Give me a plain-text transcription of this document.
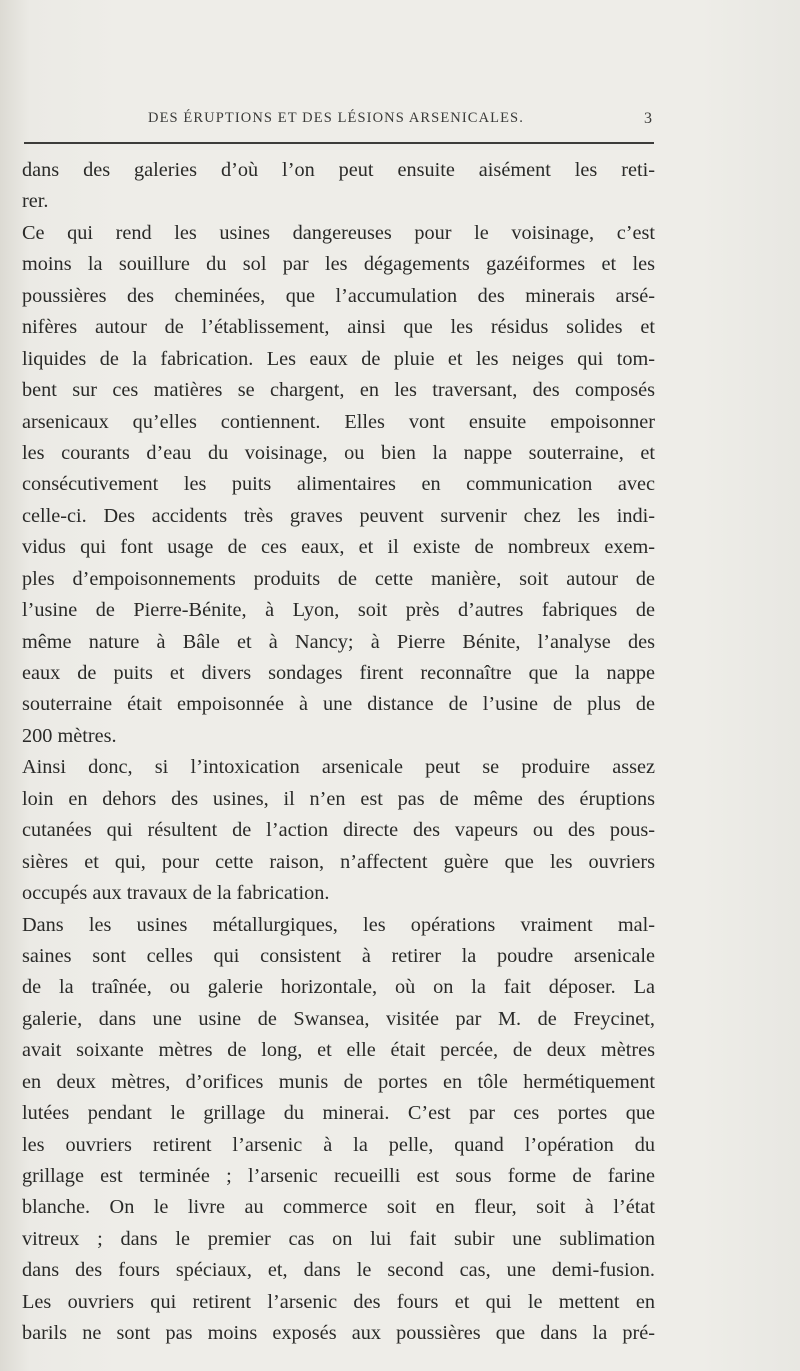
DES ÉRUPTIONS ET DES LÉSIONS ARSENICALES.	3
dans des galeries d’où l’on peut ensuite aisément les reti-
rer.
Ce qui rend les usines dangereuses pour le voisinage, c’est
moins la souillure du sol par les dégagements gazéiformes et les
poussières des cheminées, que l’accumulation des minerais arsé-
nifères autour de l’établissement, ainsi que les résidus solides et
liquides de la fabrication. Les eaux de pluie et les neiges qui tom-
bent sur ces matières se chargent, en les traversant, des composés
arsenicaux qu’elles contiennent. Elles vont ensuite empoisonner
les courants d’eau du voisinage, ou bien la nappe souterraine, et
consécutivement les puits alimentaires en communication avec
celle-ci. Des accidents très graves peuvent survenir chez les indi-
vidus qui font usage de ces eaux, et il existe de nombreux exem-
ples d’empoisonnements produits de cette manière, soit autour de
l’usine de Pierre-Bénite, à Lyon, soit près d’autres fabriques de
même nature à Bâle et à Nancy; à Pierre Bénite, l’analyse des
eaux de puits et divers sondages firent reconnaître que la nappe
souterraine était empoisonnée à une distance de l’usine de plus de
200 mètres.
Ainsi donc, si l’intoxication arsenicale peut se produire assez
loin en dehors des usines, il n’en est pas de même des éruptions
cutanées qui résultent de l’action directe des vapeurs ou des pous-
sières et qui, pour cette raison, n’affectent guère que les ouvriers
occupés aux travaux de la fabrication.
Dans les usines métallurgiques, les opérations vraiment mal-
saines sont celles qui consistent à retirer la poudre arsenicale
de la traînée, ou galerie horizontale, où on la fait déposer. La
galerie, dans une usine de Swansea, visitée par M. de Freycinet,
avait soixante mètres de long, et elle était percée, de deux mètres
en deux mètres, d’orifices munis de portes en tôle hermétiquement
lutées pendant le grillage du minerai. C’est par ces portes que
les ouvriers retirent l’arsenic à la pelle, quand l’opération du
grillage est terminée ; l’arsenic recueilli est sous forme de farine
blanche. On le livre au commerce soit en fleur, soit à l’état
vitreux ; dans le premier cas on lui fait subir une sublimation
dans des fours spéciaux, et, dans le second cas, une demi-fusion.
Les ouvriers qui retirent l’arsenic des fours et qui le mettent en
barils ne sont pas moins exposés aux poussières que dans la pré-
